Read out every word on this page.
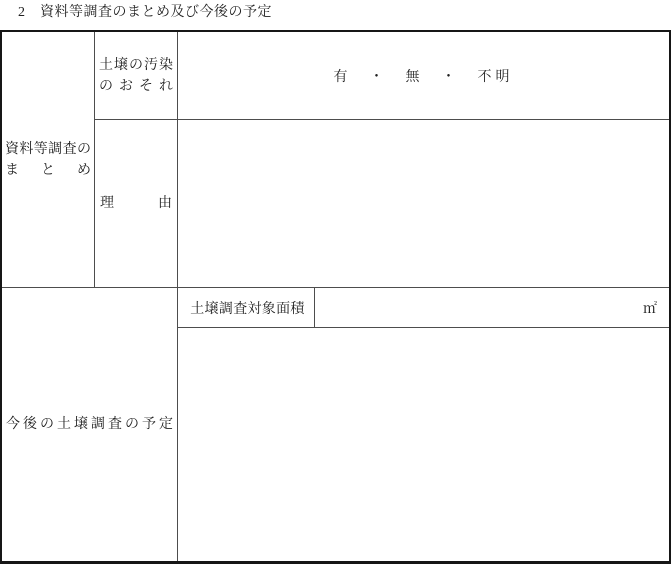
2　資料等調査のまとめ及び今後の予定
資 料 等 調 査 の
ま と め
土 壌 の 汚 染
の お そ れ
有　・　無　・　不明
理	由
今 後 の 土 壌 調 査 の 予 定
土壌調査対象面積	㎡
